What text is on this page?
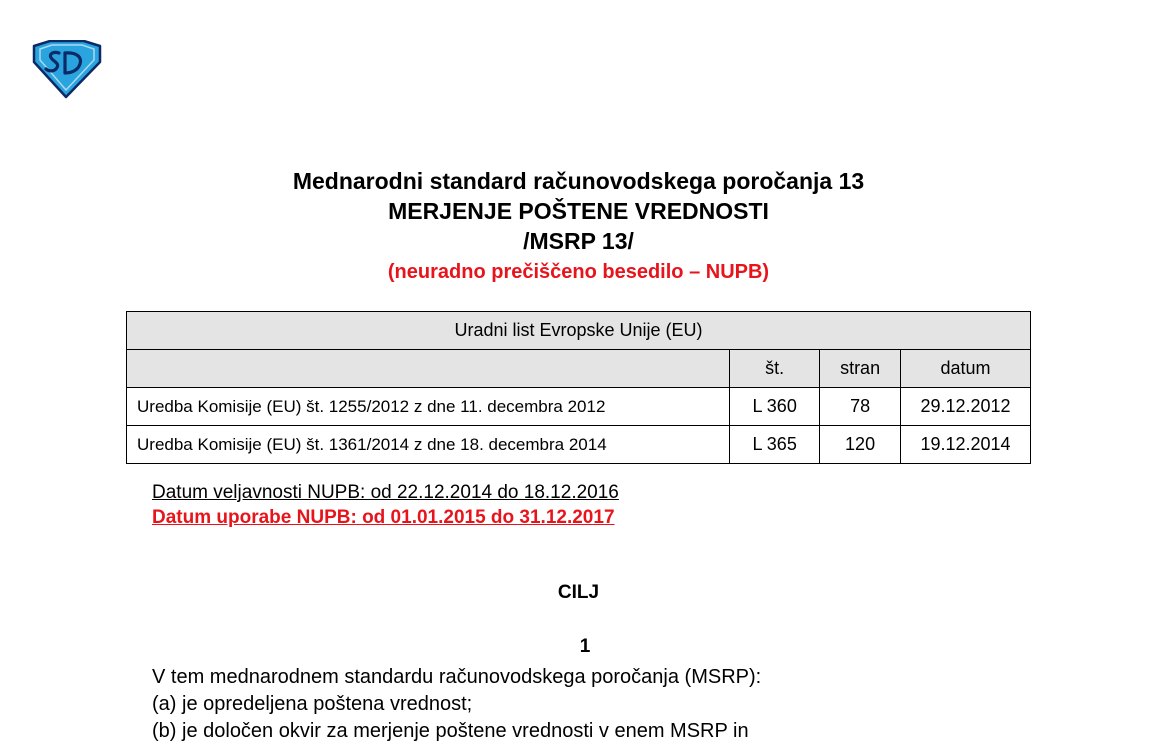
Mednarodni standard računovodskega poročanja 13

MERJENJE POŠTENE VREDNOSTI

/MSRP 13/

(neuradno prečiščeno besedilo – NUPB)

Uradni list Evropske Unije (EU)			
	št.	stran	datum
Uredba Komisije (EU) št. 1255/2012 z dne 11. decembra 2012	L 360	78	29.12.2012
Uredba Komisije (EU) št. 1361/2014 z dne 18. decembra 2014	L 365	120	19.12.2014
Datum veljavnosti NUPB: od 22.12.2014 do 18.12.2016
Datum uporabe NUPB: od 01.01.2015 do 31.12.2017
CILJ
1
V tem mednarodnem standardu računovodskega poročanja (MSRP):
(a) je opredeljena poštena vrednost;
(b) je določen okvir za merjenje poštene vrednosti v enem MSRP in
